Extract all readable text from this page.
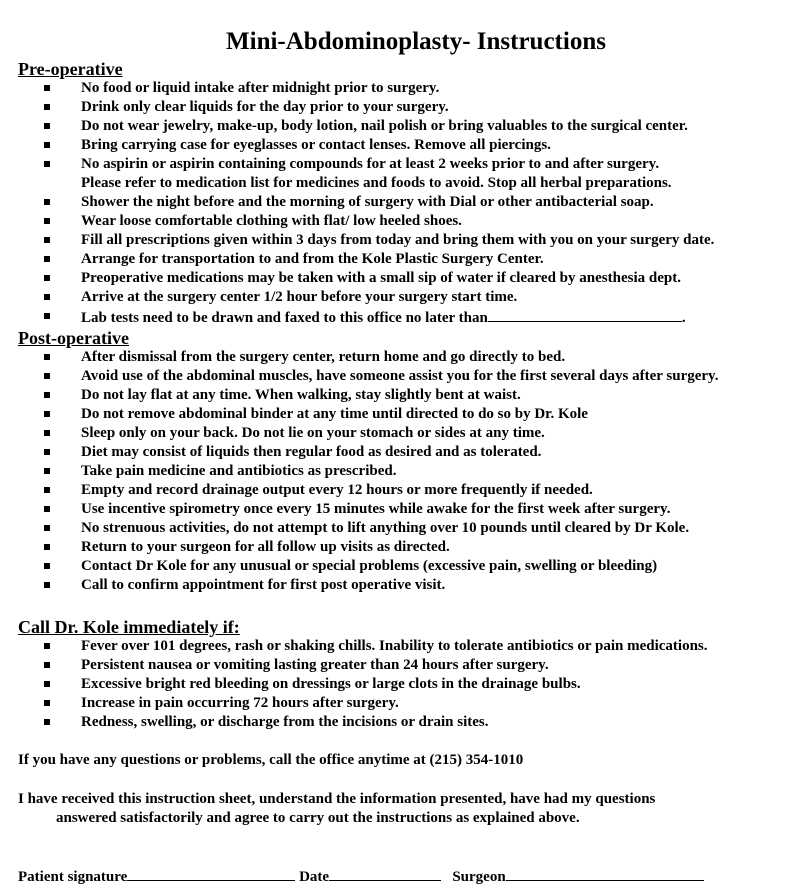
Mini-Abdominoplasty- Instructions
Pre-operative
No food or liquid intake after midnight prior to surgery.
Drink only clear liquids for the day prior to your surgery.
Do not wear jewelry, make-up, body lotion, nail polish or bring valuables to the surgical center.
Bring carrying case for eyeglasses or contact lenses. Remove all piercings.
No aspirin or aspirin containing compounds for at least 2 weeks prior to and after surgery.
Please refer to medication list for medicines and foods to avoid. Stop all herbal preparations.
Shower the night before and the morning of surgery with Dial or other antibacterial soap.
Wear loose comfortable clothing with flat/ low heeled shoes.
Fill all prescriptions given within 3 days from today and bring them with you on your surgery date.
Arrange for transportation to and from the Kole Plastic Surgery Center.
Preoperative medications may be taken with a small sip of water if cleared by anesthesia dept.
Arrive at the surgery center 1/2 hour before your surgery start time.
Lab tests need to be drawn and faxed to this office no later than	.
Post-operative
After dismissal from the surgery center, return home and go directly to bed.
Avoid use of the abdominal muscles, have someone assist you for the first several days after surgery.
Do not lay flat at any time. When walking, stay slightly bent at waist.
Do not remove abdominal binder at any time until directed to do so by Dr. Kole
Sleep only on your back. Do not lie on your stomach or sides at any time.
Diet may consist of liquids then regular food as desired and as tolerated.
Take pain medicine and antibiotics as prescribed.
Empty and record drainage output every 12 hours or more frequently if needed.
Use incentive spirometry once every 15 minutes while awake for the first week after surgery.
No strenuous activities, do not attempt to lift anything over 10 pounds until cleared by Dr Kole.
Return to your surgeon for all follow up visits as directed.
Contact Dr Kole for any unusual or special problems (excessive pain, swelling or bleeding)
Call to confirm appointment for first post operative visit.
Call Dr. Kole immediately if:
Fever over 101 degrees, rash or shaking chills. Inability to tolerate antibiotics or pain medications.
Persistent nausea or vomiting lasting greater than 24 hours after surgery.
Excessive bright red bleeding on dressings or large clots in the drainage bulbs.
Increase in pain occurring 72 hours after surgery.
Redness, swelling, or discharge from the incisions or drain sites.
If you have any questions or problems, call the office anytime at (215) 354-1010
I have received this instruction sheet, understand the information presented, have had my questions
answered satisfactorily and agree to carry out the instructions as explained above.
Patient signature	Date	Surgeon
